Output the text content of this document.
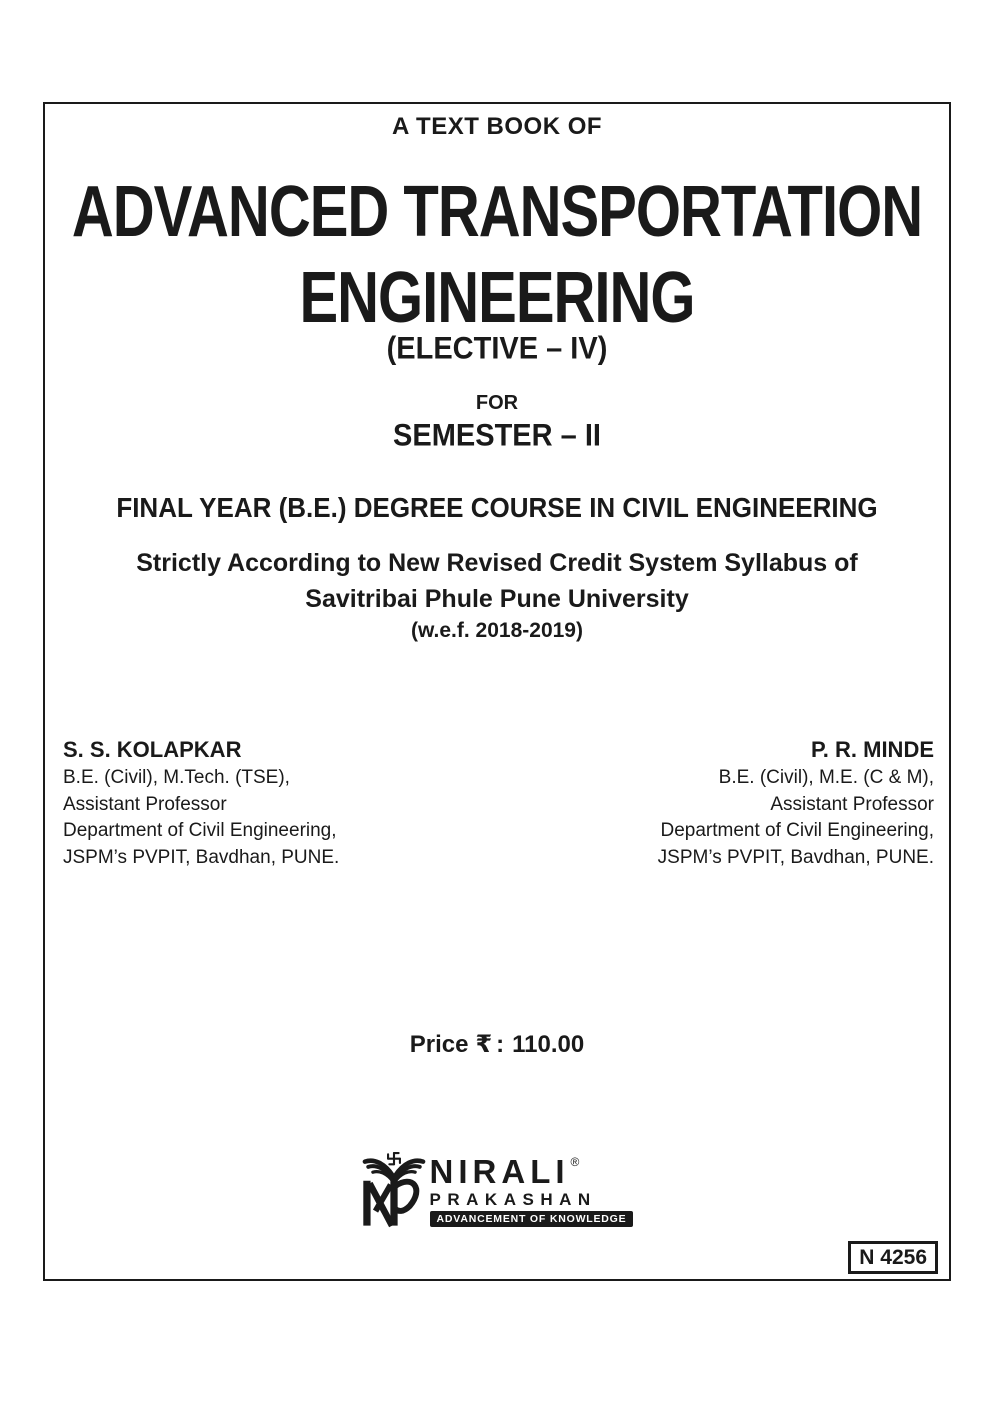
A TEXT BOOK OF
ADVANCED TRANSPORTATION
ENGINEERING
(ELECTIVE – IV)
FOR
SEMESTER – II
FINAL YEAR (B.E.) DEGREE COURSE IN CIVIL ENGINEERING
Strictly According to New Revised Credit System Syllabus of
Savitribai Phule Pune University
(w.e.f. 2018-2019)
S. S. KOLAPKAR
B.E. (Civil), M.Tech. (TSE),
Assistant Professor
Department of Civil Engineering,
JSPM’s PVPIT, Bavdhan, PUNE.
P. R. MINDE
B.E. (Civil), M.E. (C & M),
Assistant Professor
Department of Civil Engineering,
JSPM’s PVPIT, Bavdhan, PUNE.
Price ₹ : 110.00
NIRALI ®
PRAKASHAN
ADVANCEMENT OF KNOWLEDGE
N 4256
